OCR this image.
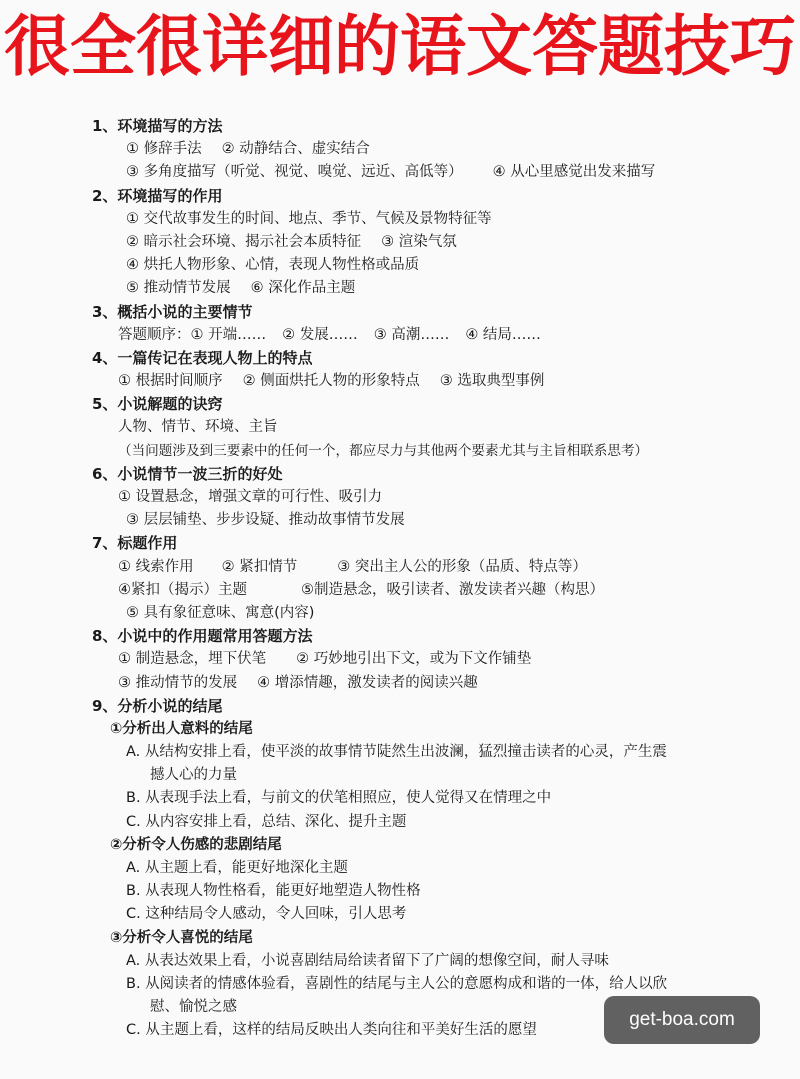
很全很详细的语文答题技巧
1、环境描写的方法
① 修辞手法 ② 动静结合、虚实结合
③ 多角度描写（听觉、视觉、嗅觉、远近、高低等） ④ 从心里感觉出发来描写
2、环境描写的作用
① 交代故事发生的时间、地点、季节、气候及景物特征等
② 暗示社会环境、揭示社会本质特征 ③ 渲染气氛
④ 烘托人物形象、心情，表现人物性格或品质
⑤ 推动情节发展 ⑥ 深化作品主题
3、概括小说的主要情节
答题顺序：① 开端…… ② 发展…… ③ 高潮…… ④ 结局……
4、一篇传记在表现人物上的特点
① 根据时间顺序 ② 侧面烘托人物的形象特点 ③ 选取典型事例
5、小说解题的诀窍
人物、情节、环境、主旨
（当问题涉及到三要素中的任何一个，都应尽力与其他两个要素尤其与主旨相联系思考）
6、小说情节一波三折的好处
① 设置悬念，增强文章的可行性、吸引力
③ 层层铺垫、步步设疑、推动故事情节发展
7、标题作用
① 线索作用 ② 紧扣情节	③ 突出主人公的形象（品质、特点等）
④紧扣（揭示）主题	⑤制造悬念，吸引读者、激发读者兴趣（构思）
⑤ 具有象征意味、寓意(内容)
8、小说中的作用题常用答题方法
① 制造悬念，埋下伏笔 ② 巧妙地引出下文，或为下文作铺垫
③ 推动情节的发展 ④ 增添情趣，激发读者的阅读兴趣
9、分析小说的结尾
①分析出人意料的结尾
A. 从结构安排上看，使平淡的故事情节陡然生出波澜，猛烈撞击读者的心灵，产生震
撼人心的力量
B. 从表现手法上看，与前文的伏笔相照应，使人觉得又在情理之中
C. 从内容安排上看，总结、深化、提升主题
②分析令人伤感的悲剧结尾
A. 从主题上看，能更好地深化主题
B. 从表现人物性格看，能更好地塑造人物性格
C. 这种结局令人感动，令人回味，引人思考
③分析令人喜悦的结尾
A. 从表达效果上看，小说喜剧结局给读者留下了广阔的想像空间，耐人寻味
B. 从阅读者的情感体验看，喜剧性的结尾与主人公的意愿构成和谐的一体，给人以欣
慰、愉悦之感
C. 从主题上看，这样的结局反映出人类向往和平美好生活的愿望
get-boa.com
